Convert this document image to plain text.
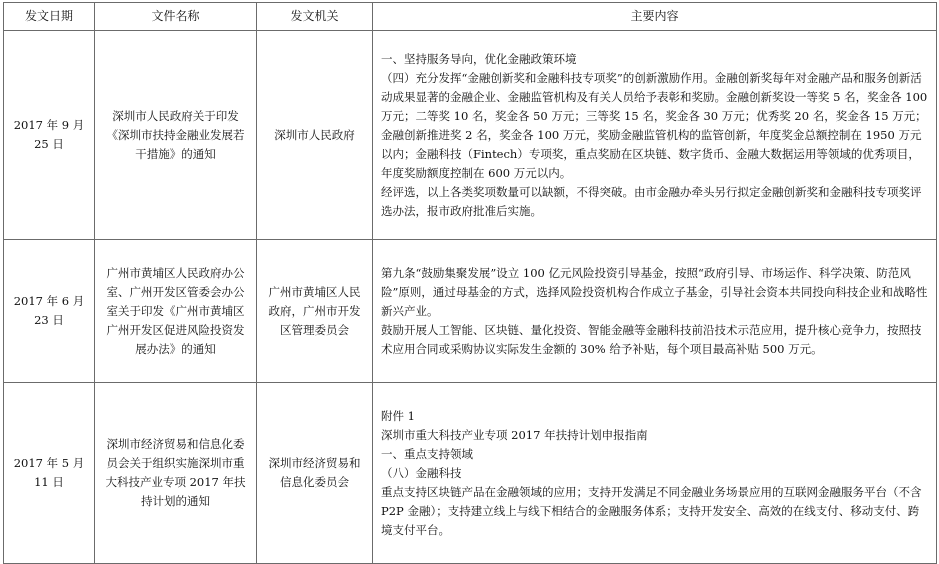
发文日期	文件名称	发文机关	主要内容
2017 年 9 月 25 日	深圳市人民政府关于印发《深圳市扶持金融业发展若干措施》的通知	深圳市人民政府	一、坚持服务导向，优化金融政策环境

（四）充分发挥“金融创新奖和金融科技专项奖”的创新激励作用。金融创新奖每年对金融产品和服务创新活动成果显著的金融企业、金融监管机构及有关人员给予表彰和奖励。金融创新奖设一等奖 5 名，奖金各 100 万元；二等奖 10 名，奖金各 50 万元；三等奖 15 名，奖金各 30 万元；优秀奖 20 名，奖金各 15 万元；金融创新推进奖 2 名，奖金各 100 万元，奖励金融监管机构的监管创新，年度奖金总额控制在 1950 万元以内；金融科技（Fintech）专项奖，重点奖励在区块链、数字货币、金融大数据运用等领域的优秀项目，年度奖励额度控制在 600 万元以内。

经评选，以上各类奖项数量可以缺额，不得突破。由市金融办牵头另行拟定金融创新奖和金融科技专项奖评选办法，报市政府批准后实施。

2017 年 6 月 23 日	广州市黄埔区人民政府办公室、广州开发区管委会办公室关于印发《广州市黄埔区广州开发区促进风险投资发展办法》的通知	广州市黄埔区人民政府，广州市开发区管理委员会	第九条“鼓励集聚发展”设立 100 亿元风险投资引导基金，按照“政府引导、市场运作、科学决策、防范风险”原则，通过母基金的方式，选择风险投资机构合作成立子基金，引导社会资本共同投向科技企业和战略性新兴产业。

鼓励开展人工智能、区块链、量化投资、智能金融等金融科技前沿技术示范应用，提升核心竞争力，按照技术应用合同或采购协议实际发生金额的 30% 给予补贴，每个项目最高补贴 500 万元。

2017 年 5 月 11 日	深圳市经济贸易和信息化委员会关于组织实施深圳市重大科技产业专项 2017 年扶持计划的通知	深圳市经济贸易和信息化委员会	附件 1

深圳市重大科技产业专项 2017 年扶持计划申报指南

一、重点支持领域

（八）金融科技

重点支持区块链产品在金融领域的应用；支持开发满足不同金融业务场景应用的互联网金融服务平台（不含 P2P 金融）；支持建立线上与线下相结合的金融服务体系；支持开发安全、高效的在线支付、移动支付、跨境支付平台。
